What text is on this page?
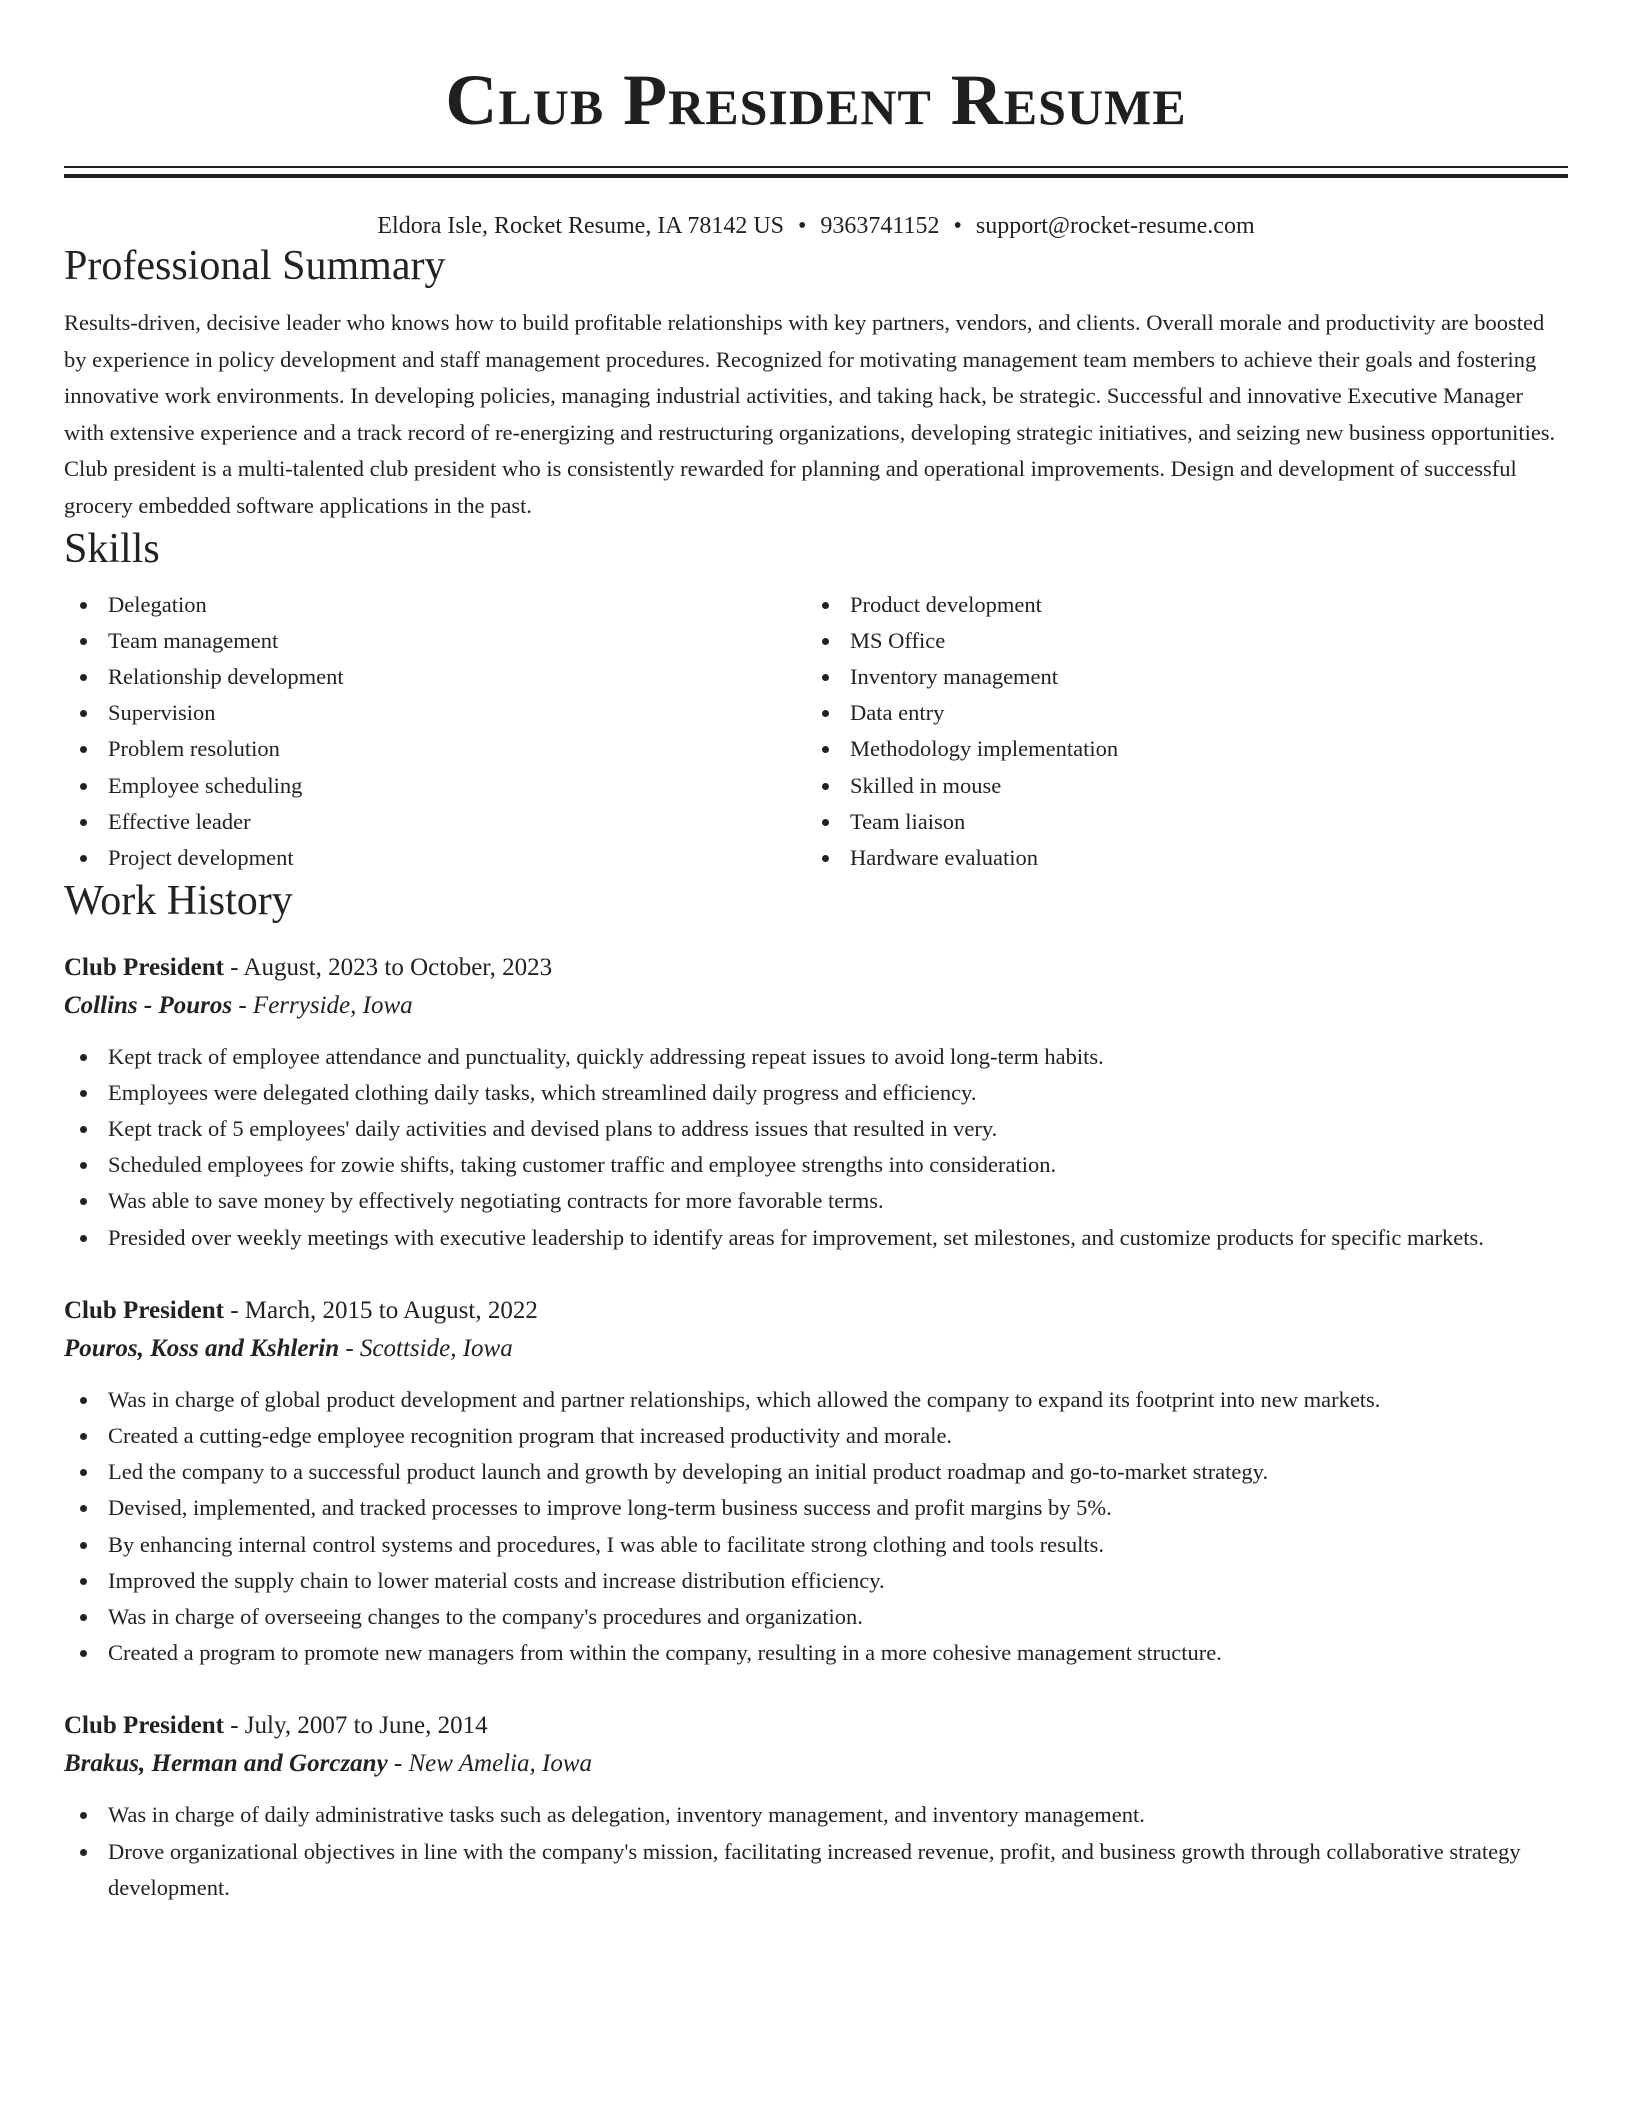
Club President Resume
Eldora Isle, Rocket Resume, IA 78142 US • 9363741152 • support@rocket-resume.com
Professional Summary
Results-driven, decisive leader who knows how to build profitable relationships with key partners, vendors, and clients. Overall morale and productivity are boosted by experience in policy development and staff management procedures. Recognized for motivating management team members to achieve their goals and fostering innovative work environments. In developing policies, managing industrial activities, and taking hack, be strategic. Successful and innovative Executive Manager with extensive experience and a track record of re-energizing and restructuring organizations, developing strategic initiatives, and seizing new business opportunities. Club president is a multi-talented club president who is consistently rewarded for planning and operational improvements. Design and development of successful grocery embedded software applications in the past.
Skills
Delegation
Team management
Relationship development
Supervision
Problem resolution
Employee scheduling
Effective leader
Project development
Product development
MS Office
Inventory management
Data entry
Methodology implementation
Skilled in mouse
Team liaison
Hardware evaluation
Work History
Club President - August, 2023 to October, 2023
Collins - Pouros - Ferryside, Iowa
Kept track of employee attendance and punctuality, quickly addressing repeat issues to avoid long-term habits.
Employees were delegated clothing daily tasks, which streamlined daily progress and efficiency.
Kept track of 5 employees' daily activities and devised plans to address issues that resulted in very.
Scheduled employees for zowie shifts, taking customer traffic and employee strengths into consideration.
Was able to save money by effectively negotiating contracts for more favorable terms.
Presided over weekly meetings with executive leadership to identify areas for improvement, set milestones, and customize products for specific markets.
Club President - March, 2015 to August, 2022
Pouros, Koss and Kshlerin - Scottside, Iowa
Was in charge of global product development and partner relationships, which allowed the company to expand its footprint into new markets.
Created a cutting-edge employee recognition program that increased productivity and morale.
Led the company to a successful product launch and growth by developing an initial product roadmap and go-to-market strategy.
Devised, implemented, and tracked processes to improve long-term business success and profit margins by 5%.
By enhancing internal control systems and procedures, I was able to facilitate strong clothing and tools results.
Improved the supply chain to lower material costs and increase distribution efficiency.
Was in charge of overseeing changes to the company's procedures and organization.
Created a program to promote new managers from within the company, resulting in a more cohesive management structure.
Club President - July, 2007 to June, 2014
Brakus, Herman and Gorczany - New Amelia, Iowa
Was in charge of daily administrative tasks such as delegation, inventory management, and inventory management.
Drove organizational objectives in line with the company's mission, facilitating increased revenue, profit, and business growth through collaborative strategy development.
